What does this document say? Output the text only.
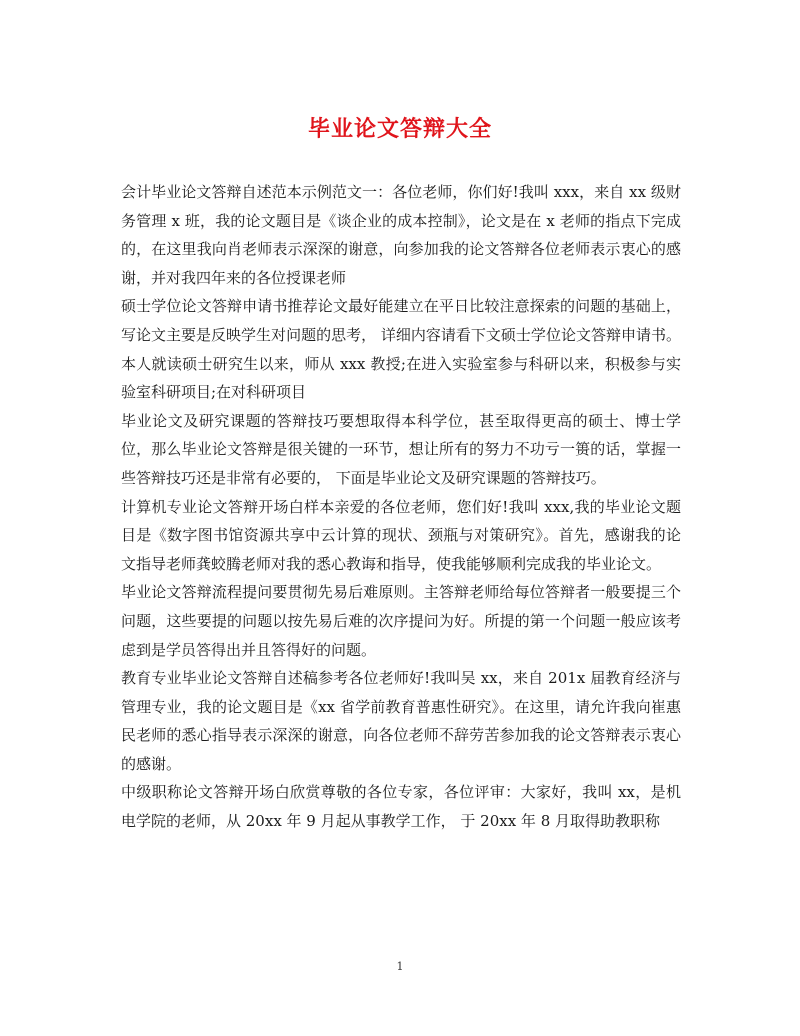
毕业论文答辩大全

会计毕业论文答辩自述范本示例范文一：各位老师，你们好!我叫 xxx，来自 xx 级财务管理 x 班，我的论文题目是《谈企业的成本控制》，论文是在 x 老师的指点下完成的，在这里我向肖老师表示深深的谢意，向参加我的论文答辩各位老师表示衷心的感谢，并对我四年来的各位授课老师

硕士学位论文答辩申请书推荐论文最好能建立在平日比较注意探索的问题的基础上，写论文主要是反映学生对问题的思考， 详细内容请看下文硕士学位论文答辩申请书。本人就读硕士研究生以来，师从 xxx 教授;在进入实验室参与科研以来，积极参与实验室科研项目;在对科研项目

毕业论文及研究课题的答辩技巧要想取得本科学位，甚至取得更高的硕士、博士学位，那么毕业论文答辩是很关键的一环节，想让所有的努力不功亏一篑的话，掌握一些答辩技巧还是非常有必要的， 下面是毕业论文及研究课题的答辩技巧。

计算机专业论文答辩开场白样本亲爱的各位老师，您们好!我叫 xxx,我的毕业论文题目是《数字图书馆资源共享中云计算的现状、颈瓶与对策研究》。首先，感谢我的论文指导老师龚蛟腾老师对我的悉心教诲和指导，使我能够顺利完成我的毕业论文。

毕业论文答辩流程提问要贯彻先易后难原则。主答辩老师给每位答辩者一般要提三个问题，这些要提的问题以按先易后难的次序提问为好。所提的第一个问题一般应该考虑到是学员答得出并且答得好的问题。

教育专业毕业论文答辩自述稿参考各位老师好!我叫吴 xx，来自 201x 届教育经济与管理专业，我的论文题目是《xx 省学前教育普惠性研究》。在这里，请允许我向崔惠民老师的悉心指导表示深深的谢意，向各位老师不辞劳苦参加我的论文答辩表示衷心的感谢。

中级职称论文答辩开场白欣赏尊敬的各位专家，各位评审：大家好，我叫 xx，是机电学院的老师，从 20xx 年 9 月起从事教学工作， 于 20xx 年 8 月取得助教职称

1
